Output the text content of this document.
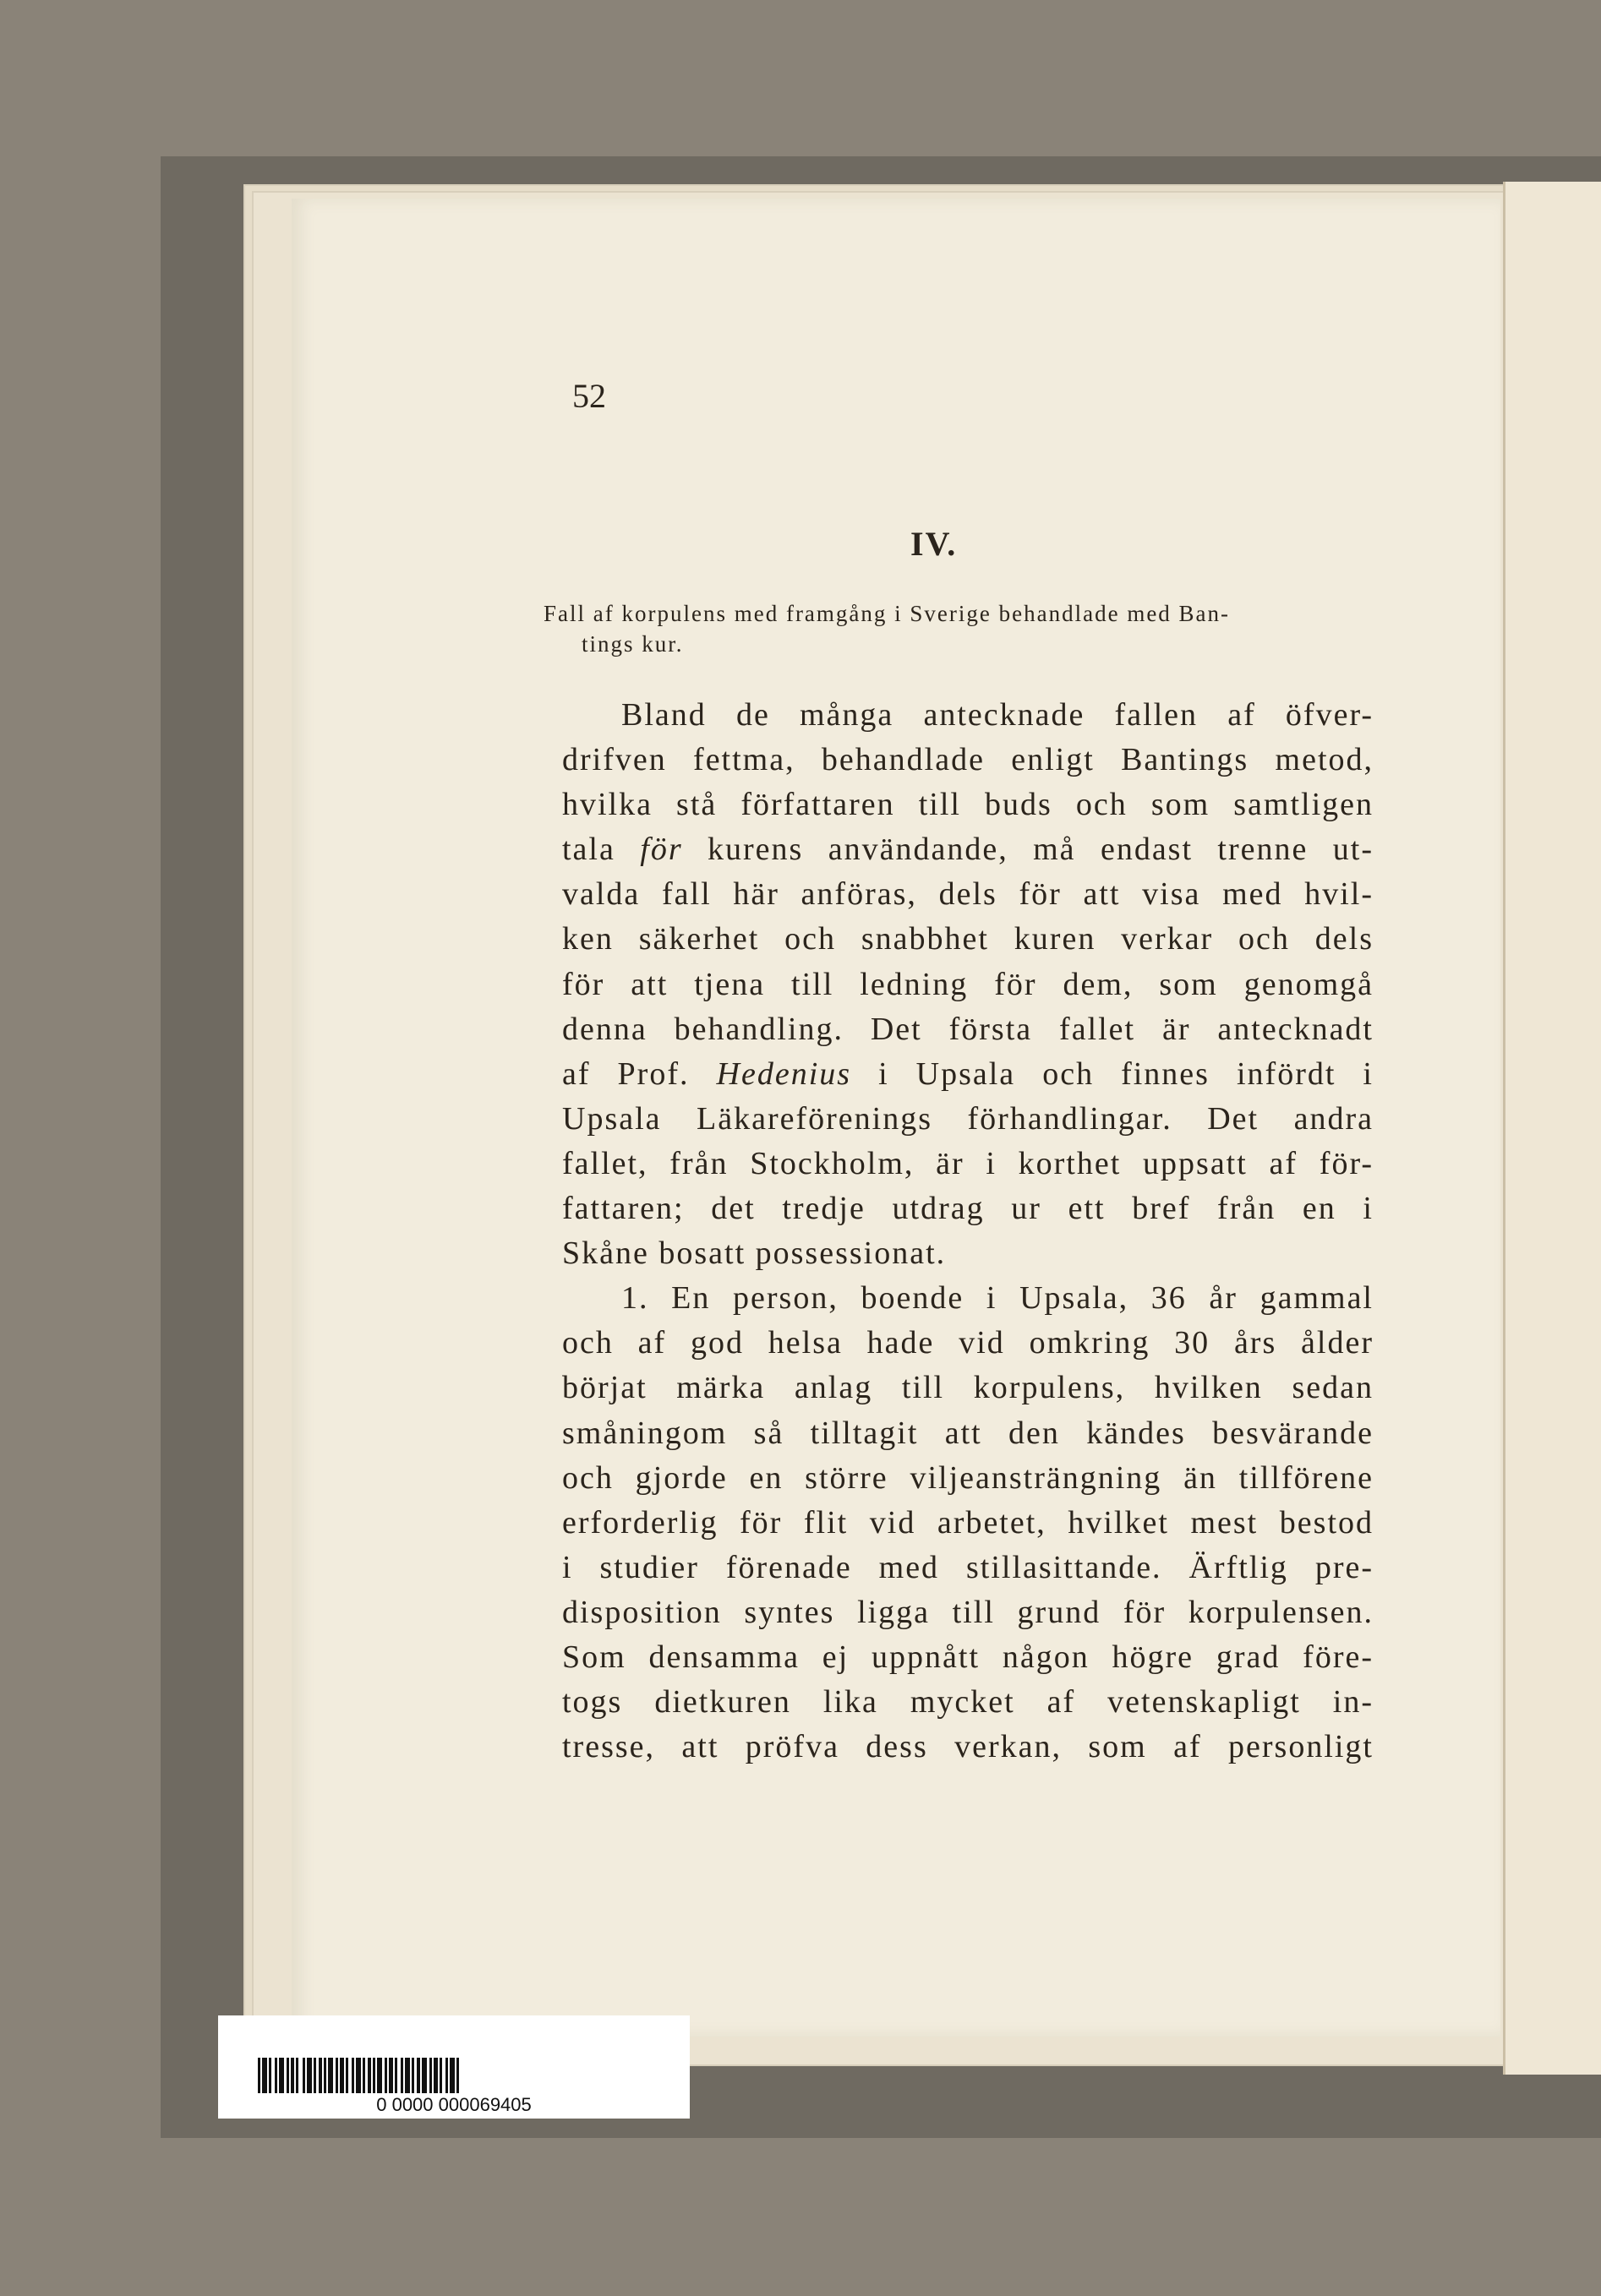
52
IV.
Fall af korpulens med framgång i Sverige behandlade med Ban-
tings kur.
Bland de många antecknade fallen af öfver-
drifven fettma, behandlade enligt Bantings metod,
hvilka stå författaren till buds och som samtligen
tala för kurens användande, må endast trenne ut-
valda fall här anföras, dels för att visa med hvil-
ken säkerhet och snabbhet kuren verkar och dels
för att tjena till ledning för dem, som genomgå
denna behandling. Det första fallet är antecknadt
af Prof. Hedenius i Upsala och finnes infördt i
Upsala Läkareförenings förhandlingar. Det andra
fallet, från Stockholm, är i korthet uppsatt af för-
fattaren; det tredje utdrag ur ett bref från en i
Skåne bosatt possessionat.
1. En person, boende i Upsala, 36 år gammal
och af god helsa hade vid omkring 30 års ålder
börjat märka anlag till korpulens, hvilken sedan
småningom så tilltagit att den kändes besvärande
och gjorde en större viljeansträngning än tillförene
erforderlig för flit vid arbetet, hvilket mest bestod
i studier förenade med stillasittande. Ärftlig pre-
disposition syntes ligga till grund för korpulensen.
Som densamma ej uppnått någon högre grad före-
togs dietkuren lika mycket af vetenskapligt in-
tresse, att pröfva dess verkan, som af personligt
0 0000 000069405
